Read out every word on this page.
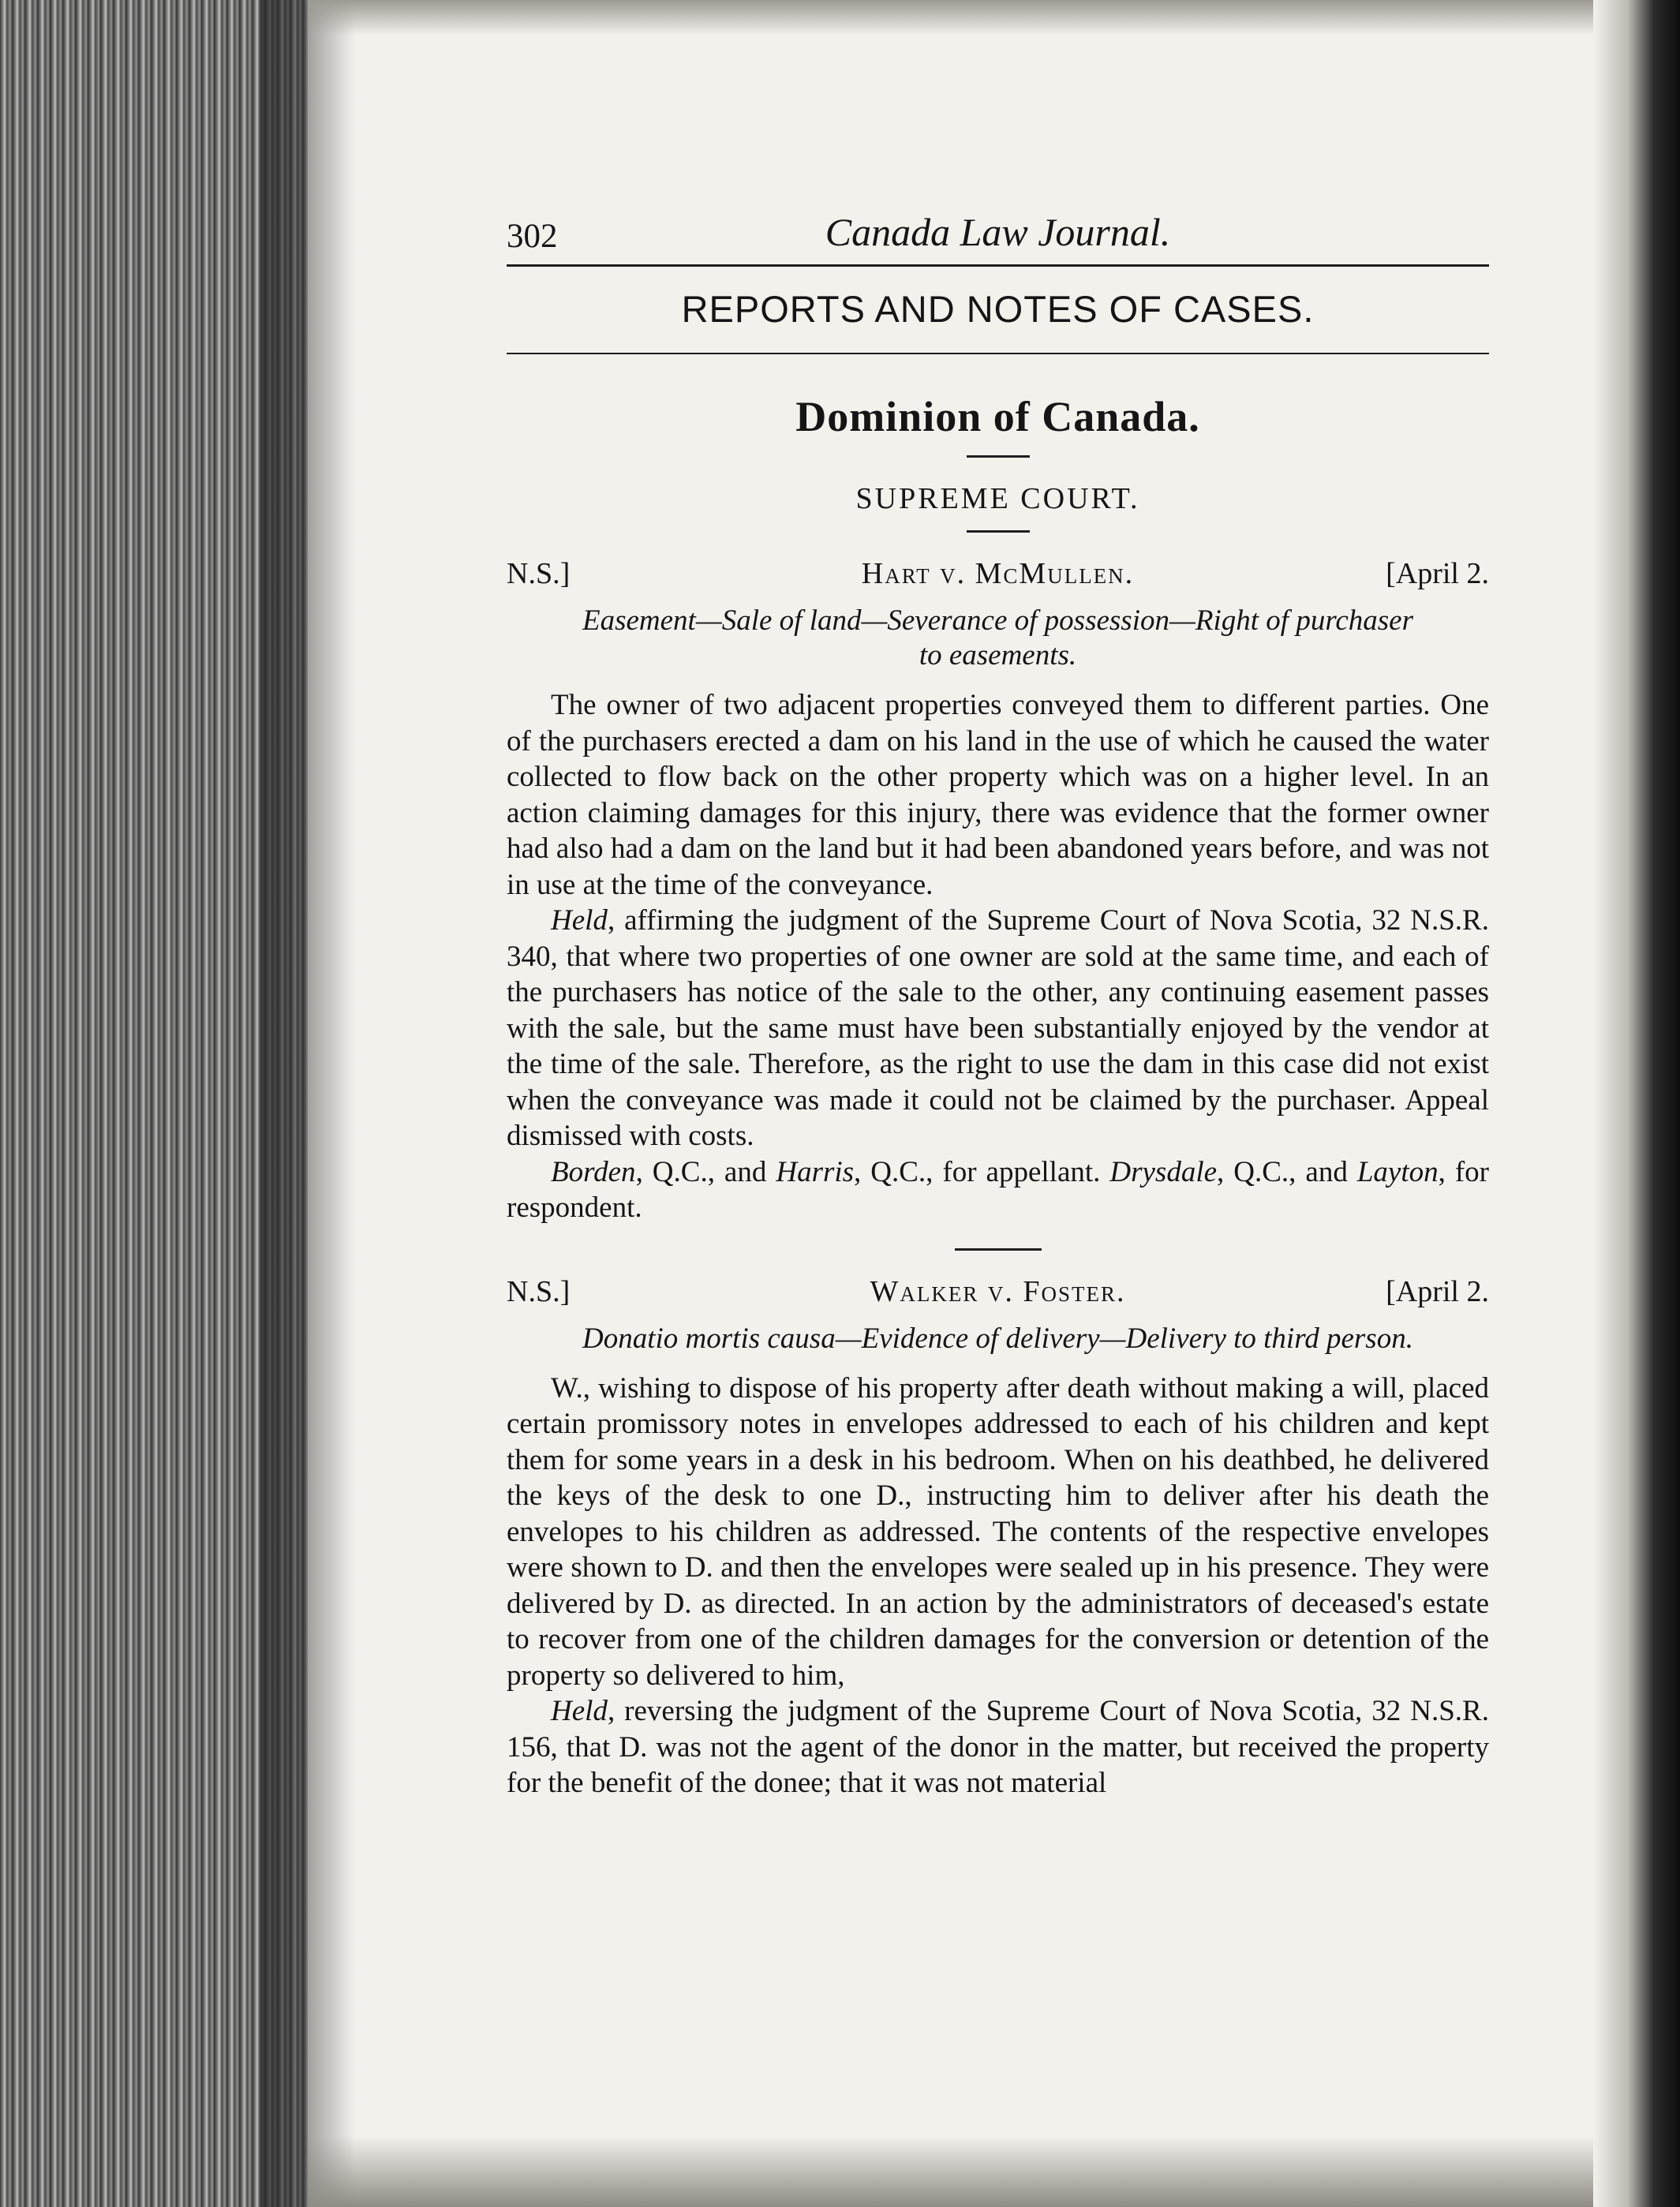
302	Canada Law Journal.
REPORTS AND NOTES OF CASES.
Dominion of Canada.
SUPREME COURT.
N.S.]	Hart v. McMullen.	[April 2.
Easement—Sale of land—Severance of possession—Right of purchaser
to easements.

The owner of two adjacent properties conveyed them to different parties. One of the purchasers erected a dam on his land in the use of which he caused the water collected to flow back on the other property which was on a higher level. In an action claiming damages for this injury, there was evidence that the former owner had also had a dam on the land but it had been abandoned years before, and was not in use at the time of the conveyance.

Held, affirming the judgment of the Supreme Court of Nova Scotia, 32 N.S.R. 340, that where two properties of one owner are sold at the same time, and each of the purchasers has notice of the sale to the other, any continuing easement passes with the sale, but the same must have been substantially enjoyed by the vendor at the time of the sale. Therefore, as the right to use the dam in this case did not exist when the conveyance was made it could not be claimed by the purchaser. Appeal dismissed with costs.

Borden, Q.C., and Harris, Q.C., for appellant. Drysdale, Q.C., and Layton, for respondent.

N.S.]	Walker v. Foster.	[April 2.
Donatio mortis causa—Evidence of delivery—Delivery to third person.

W., wishing to dispose of his property after death without making a will, placed certain promissory notes in envelopes addressed to each of his children and kept them for some years in a desk in his bedroom. When on his deathbed, he delivered the keys of the desk to one D., instructing him to deliver after his death the envelopes to his children as addressed. The contents of the respective envelopes were shown to D. and then the envelopes were sealed up in his presence. They were delivered by D. as directed. In an action by the administrators of deceased's estate to recover from one of the children damages for the conversion or detention of the property so delivered to him,

Held, reversing the judgment of the Supreme Court of Nova Scotia, 32 N.S.R. 156, that D. was not the agent of the donor in the matter, but received the property for the benefit of the donee; that it was not material
